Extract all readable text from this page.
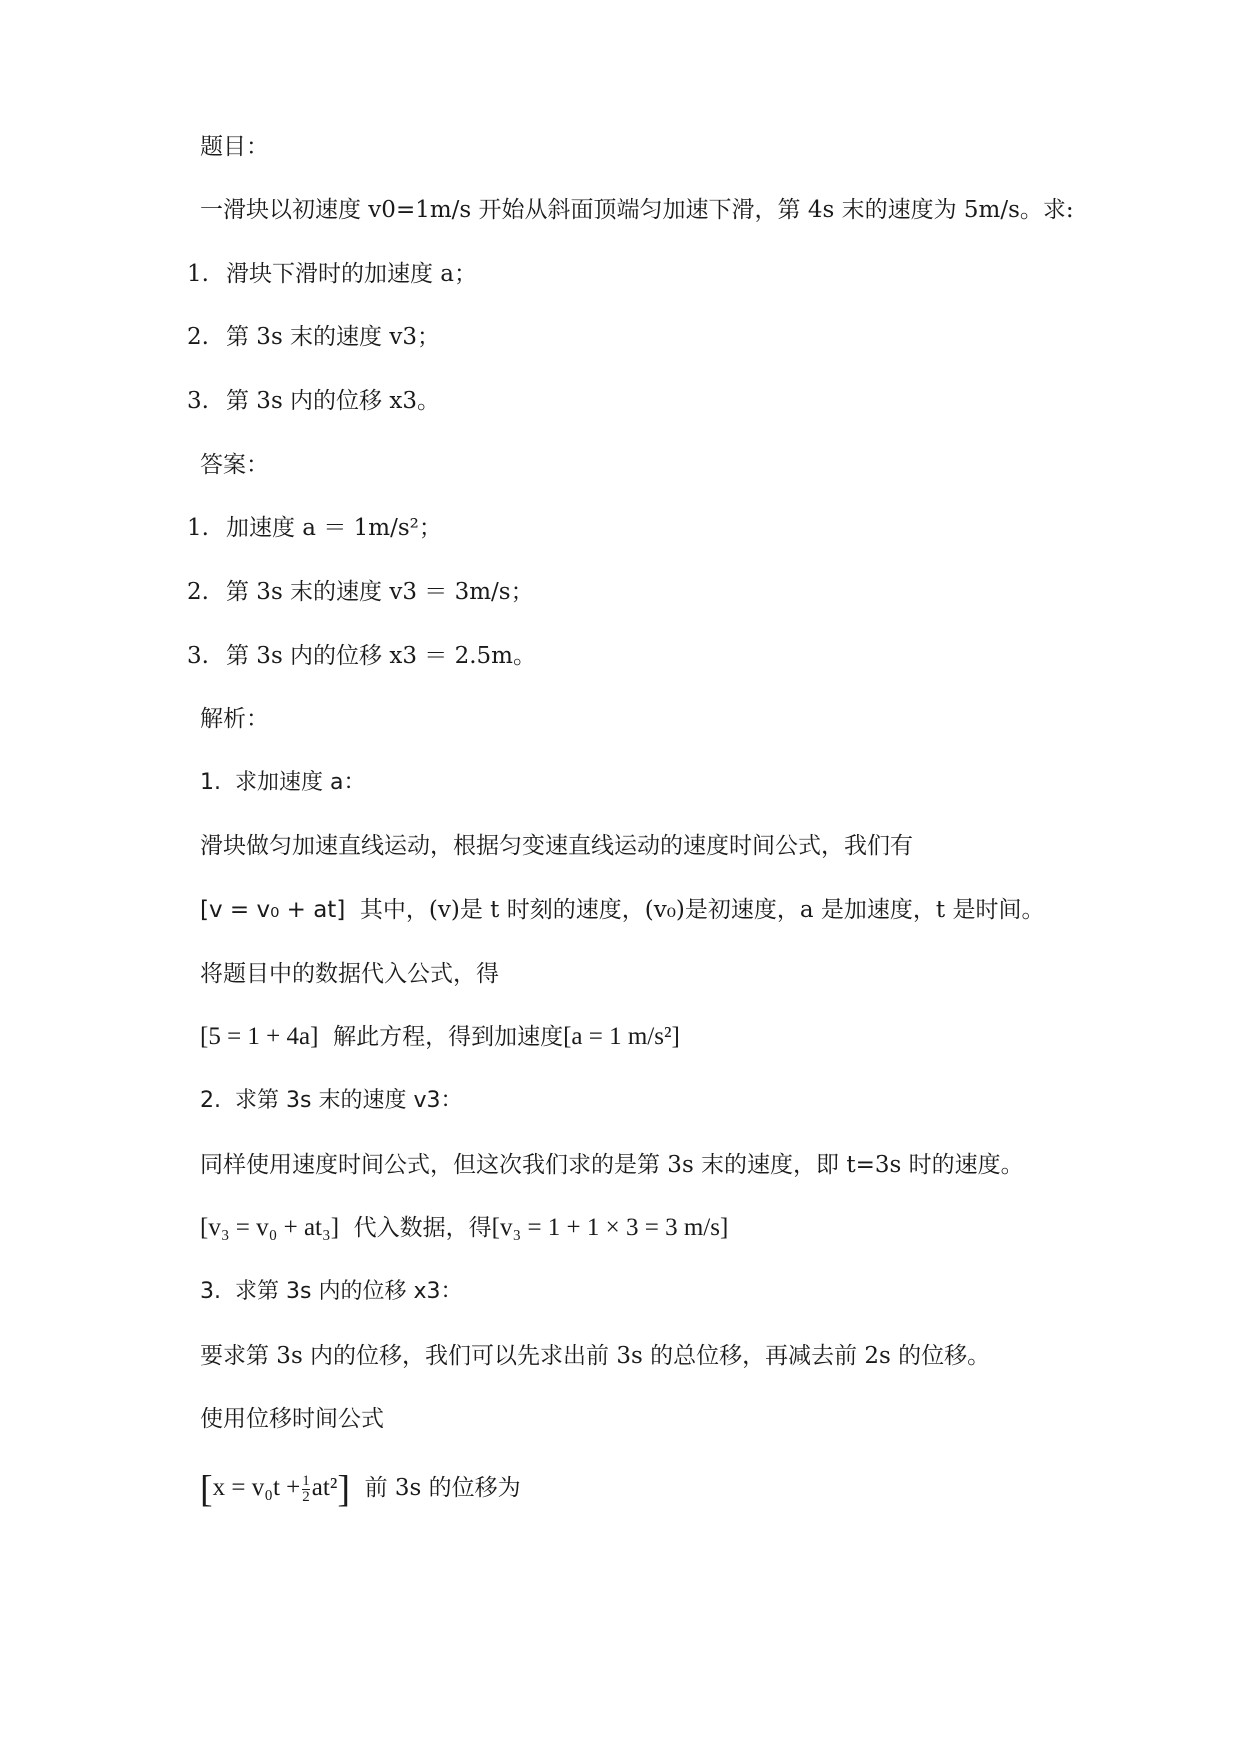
题目：
一滑块以初速度 v0=1m/s 开始从斜面顶端匀加速下滑，第 4s 末的速度为 5m/s。求:
1. 滑块下滑时的加速度 a；
2. 第 3s 末的速度 v3；
3. 第 3s 内的位移 x3。
答案：
1. 加速度 a ＝ 1m/s²；
2. 第 3s 末的速度 v3 ＝ 3m/s；
3. 第 3s 内的位移 x3 ＝ 2.5m。
解析：
1. 求加速度 a：
滑块做匀加速直线运动，根据匀变速直线运动的速度时间公式，我们有
[v = v₀ + at] 其中，(v)是 t 时刻的速度，(v₀)是初速度，a 是加速度，t 是时间。
将题目中的数据代入公式，得
[5 = 1 + 4a] 解此方程，得到加速度[a = 1 m/s²]
2. 求第 3s 末的速度 v3：
同样使用速度时间公式，但这次我们求的是第 3s 末的速度，即 t=3s 时的速度。
[v₃ = v₀ + at₃] 代入数据，得[v₃ = 1 + 1 × 3 = 3 m/s]
3. 求第 3s 内的位移 x3：
要求第 3s 内的位移，我们可以先求出前 3s 的总位移，再减去前 2s 的位移。
使用位移时间公式
$[x = v_0t + \frac{1}{2} at^2]$ 前 3s 的位移为
